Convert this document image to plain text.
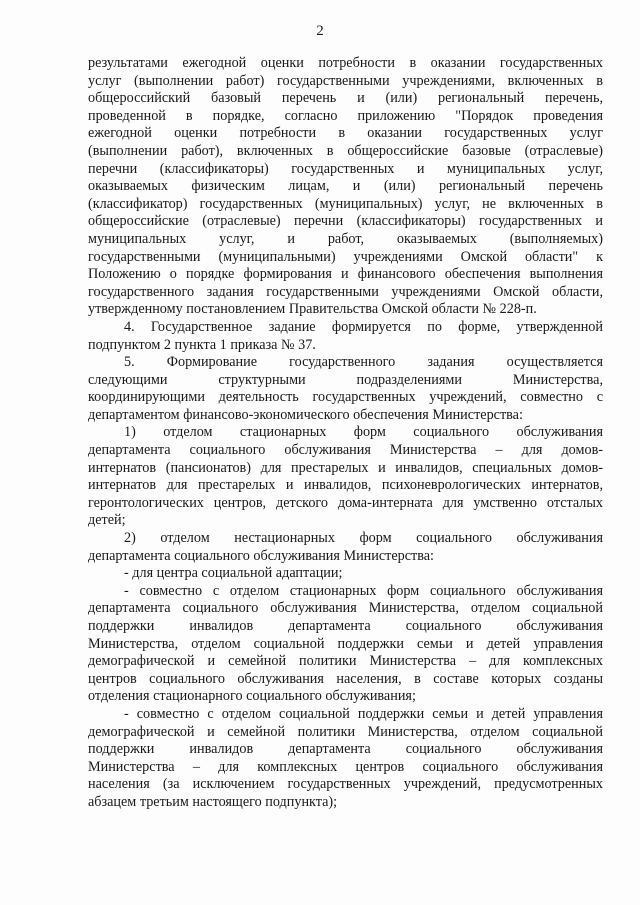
2
результатами ежегодной оценки потребности в оказании государственных
услуг (выполнении работ) государственными учреждениями, включенных в
общероссийский базовый перечень и (или) региональный перечень,
проведенной в порядке, согласно приложению "Порядок проведения
ежегодной оценки потребности в оказании государственных услуг
(выполнении работ), включенных в общероссийские базовые (отраслевые)
перечни (классификаторы) государственных и муниципальных услуг,
оказываемых физическим лицам, и (или) региональный перечень
(классификатор) государственных (муниципальных) услуг, не включенных в
общероссийские (отраслевые) перечни (классификаторы) государственных и
муниципальных услуг, и работ, оказываемых (выполняемых)
государственными (муниципальными) учреждениями Омской области" к
Положению о порядке формирования и финансового обеспечения выполнения
государственного задания государственными учреждениями Омской области,
утвержденному постановлением Правительства Омской области № 228-п.
4. Государственное задание формируется по форме, утвержденной
подпунктом 2 пункта 1 приказа № 37.
5. Формирование государственного задания осуществляется
следующими структурными подразделениями Министерства,
координирующими деятельность государственных учреждений, совместно с
департаментом финансово-экономического обеспечения Министерства:
1) отделом стационарных форм социального обслуживания
департамента социального обслуживания Министерства – для домов-
интернатов (пансионатов) для престарелых и инвалидов, специальных домов-
интернатов для престарелых и инвалидов, психоневрологических интернатов,
геронтологических центров, детского дома-интерната для умственно отсталых
детей;
2) отделом нестационарных форм социального обслуживания
департамента социального обслуживания Министерства:
- для центра социальной адаптации;
- совместно с отделом стационарных форм социального обслуживания
департамента социального обслуживания Министерства, отделом социальной
поддержки инвалидов департамента социального обслуживания
Министерства, отделом социальной поддержки семьи и детей управления
демографической и семейной политики Министерства – для комплексных
центров социального обслуживания населения, в составе которых созданы
отделения стационарного социального обслуживания;
- совместно с отделом социальной поддержки семьи и детей управления
демографической и семейной политики Министерства, отделом социальной
поддержки инвалидов департамента социального обслуживания
Министерства – для комплексных центров социального обслуживания
населения (за исключением государственных учреждений, предусмотренных
абзацем третьим настоящего подпункта);
